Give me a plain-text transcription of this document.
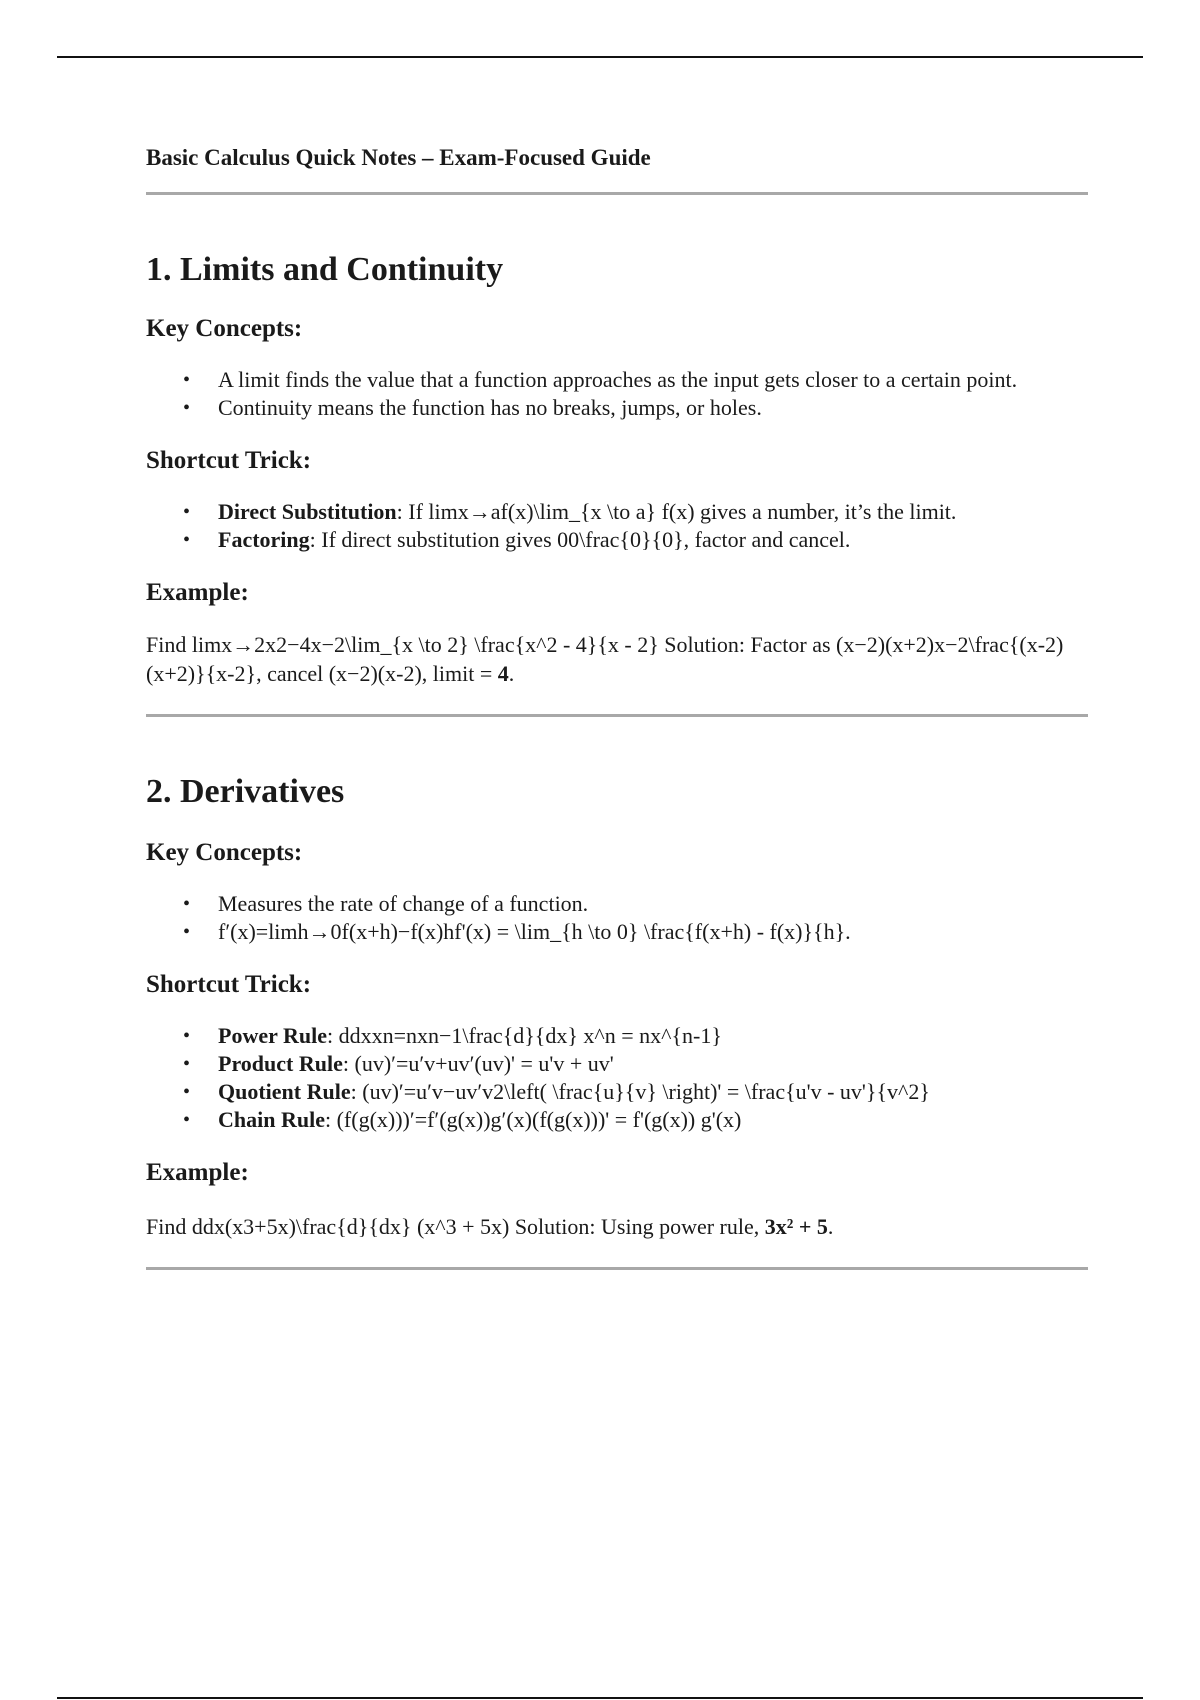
Basic Calculus Quick Notes – Exam-Focused Guide

1. Limits and Continuity
Key Concepts:
• A limit finds the value that a function approaches as the input gets closer to a certain point.
• Continuity means the function has no breaks, jumps, or holes.
Shortcut Trick:
• Direct Substitution: If limx→af(x)\lim_{x \to a} f(x) gives a number, it’s the limit.
• Factoring: If direct substitution gives 00\frac{0}{0}, factor and cancel.
Example:

Find limx→2x2−4x−2\lim_{x \to 2} \frac{x^2 - 4}{x - 2} Solution: Factor as (x−2)(x+2)x−2\frac{(x-2)(x+2)}{x-2}, cancel (x−2)(x-2), limit = 4.

2. Derivatives
Key Concepts:
• Measures the rate of change of a function.
• f′(x)=limh→0f(x+h)−f(x)hf'(x) = \lim_{h \to 0} \frac{f(x+h) - f(x)}{h}.
Shortcut Trick:
• Power Rule: ddxxn=nxn−1\frac{d}{dx} x^n = nx^{n-1}
• Product Rule: (uv)′=u′v+uv′(uv)' = u'v + uv'
• Quotient Rule: (uv)′=u′v−uv′v2\left( \frac{u}{v} \right)' = \frac{u'v - uv'}{v^2}
• Chain Rule: (f(g(x)))′=f′(g(x))g′(x)(f(g(x)))' = f'(g(x)) g'(x)
Example:

Find ddx(x3+5x)\frac{d}{dx} (x^3 + 5x) Solution: Using power rule, 3x² + 5.
